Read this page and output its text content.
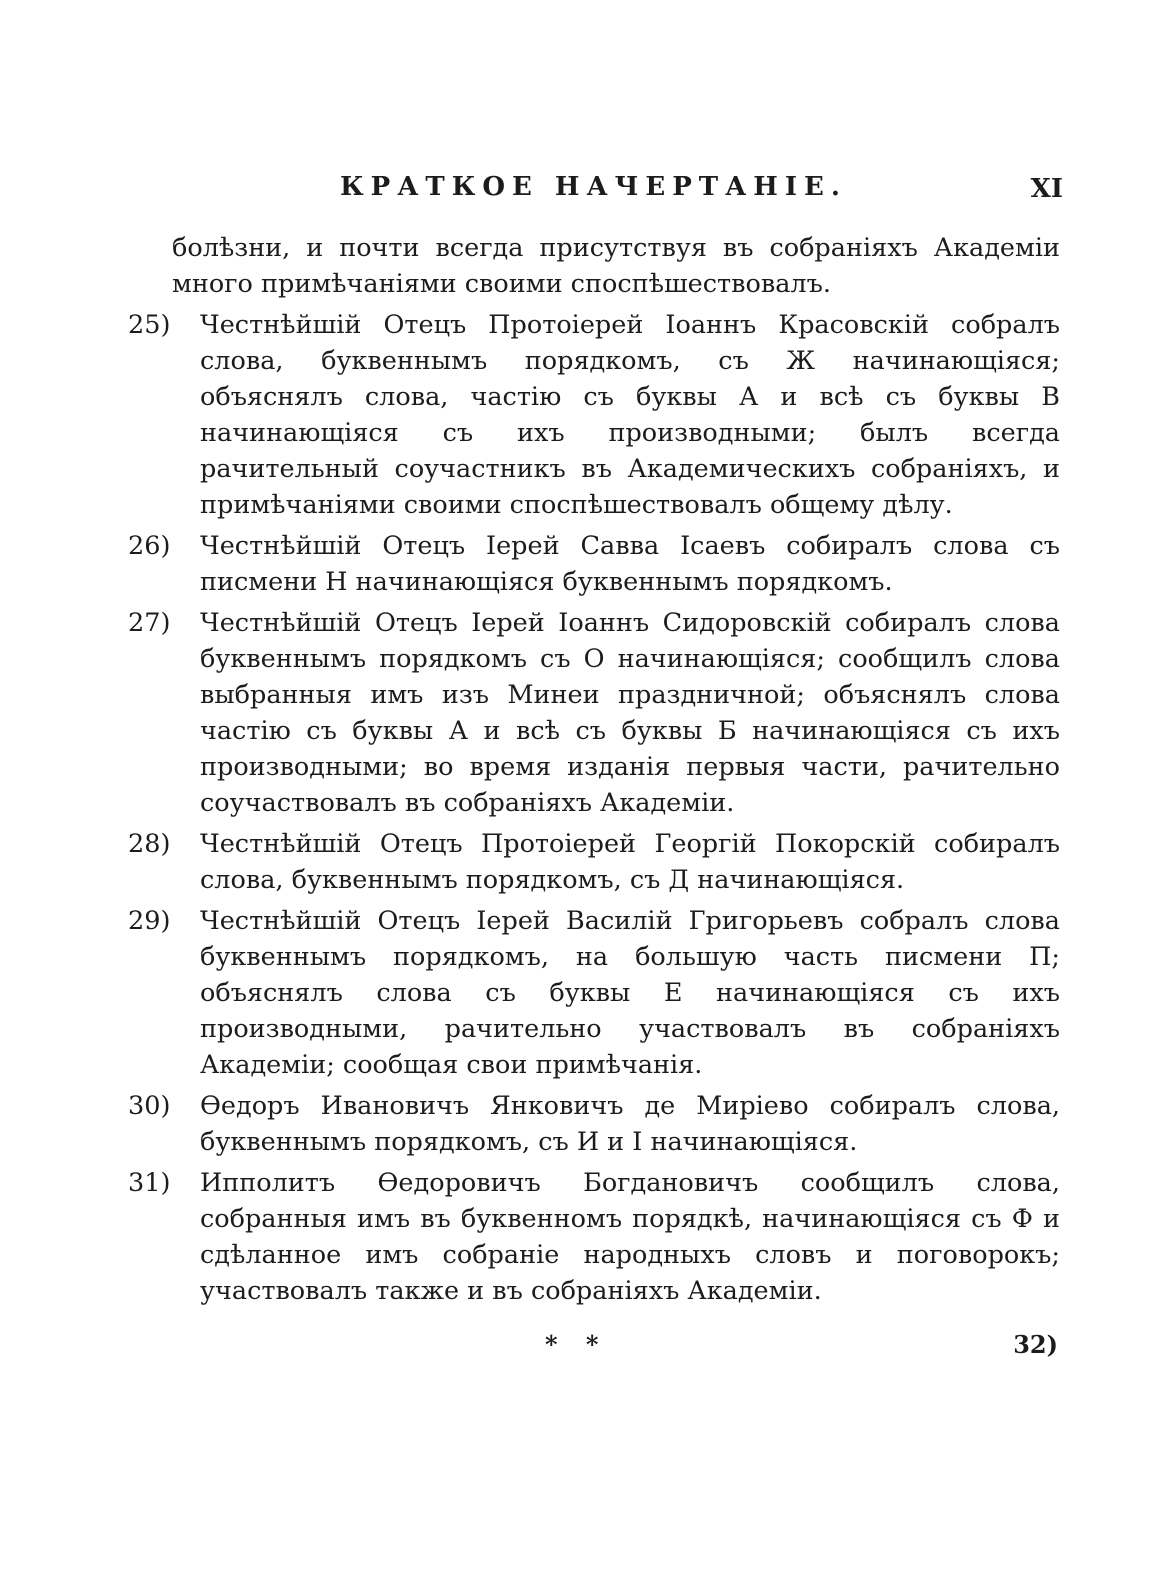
КРАТКОЕ НАЧЕРТАНІЕ.	XI

болѣзни, и почти всегда присутствуя въ собраніяхъ Академіи много примѣчаніями своими споспѣшествовалъ.

25)	Честнѣйшій Отецъ Протоіерей Іоаннъ Красовскій собралъ слова, буквеннымъ порядкомъ, съ Ж начинающіяся; объяснялъ слова, частію съ буквы А и всѣ съ буквы В начинающіяся съ ихъ производными; былъ всегда рачительный соучастникъ въ Академическихъ собраніяхъ, и примѣчаніями своими споспѣшествовалъ общему дѣлу.

26)	Честнѣйшій Отецъ Іерей Савва Ісаевъ собиралъ слова съ писмени Н начинающіяся буквеннымъ порядкомъ.

27)	Честнѣйшій Отецъ Іерей Іоаннъ Сидоровскій собиралъ слова буквеннымъ порядкомъ съ О начинающіяся; сообщилъ слова выбранныя имъ изъ Минеи праздничной; объяснялъ слова частію съ буквы А и всѣ съ буквы Б начинающіяся съ ихъ производными; во время изданія первыя части, рачительно соучаствовалъ въ собраніяхъ Академіи.

28)	Честнѣйшій Отецъ Протоіерей Георгій Покорскій собиралъ слова, буквеннымъ порядкомъ, съ Д начинающіяся.

29)	Честнѣйшій Отецъ Іерей Василій Григорьевъ собралъ слова буквеннымъ порядкомъ, на большую часть писмени П; объяснялъ слова съ буквы Е начинающіяся съ ихъ производными, рачительно участвовалъ въ собраніяхъ Академіи; сообщая свои примѣчанія.

30)	Ѳедоръ Ивановичъ Янковичъ де Миріево собиралъ слова, буквеннымъ порядкомъ, съ И и І начинающіяся.

31)	Ипполитъ Ѳедоровичъ Богдановичъ сообщилъ слова, собранныя имъ въ буквенномъ порядкѣ, начинающіяся съ Ф и сдѣланное имъ собраніе народныхъ словъ и поговорокъ; участвовалъ также и въ собраніяхъ Академіи.

* *	32)
